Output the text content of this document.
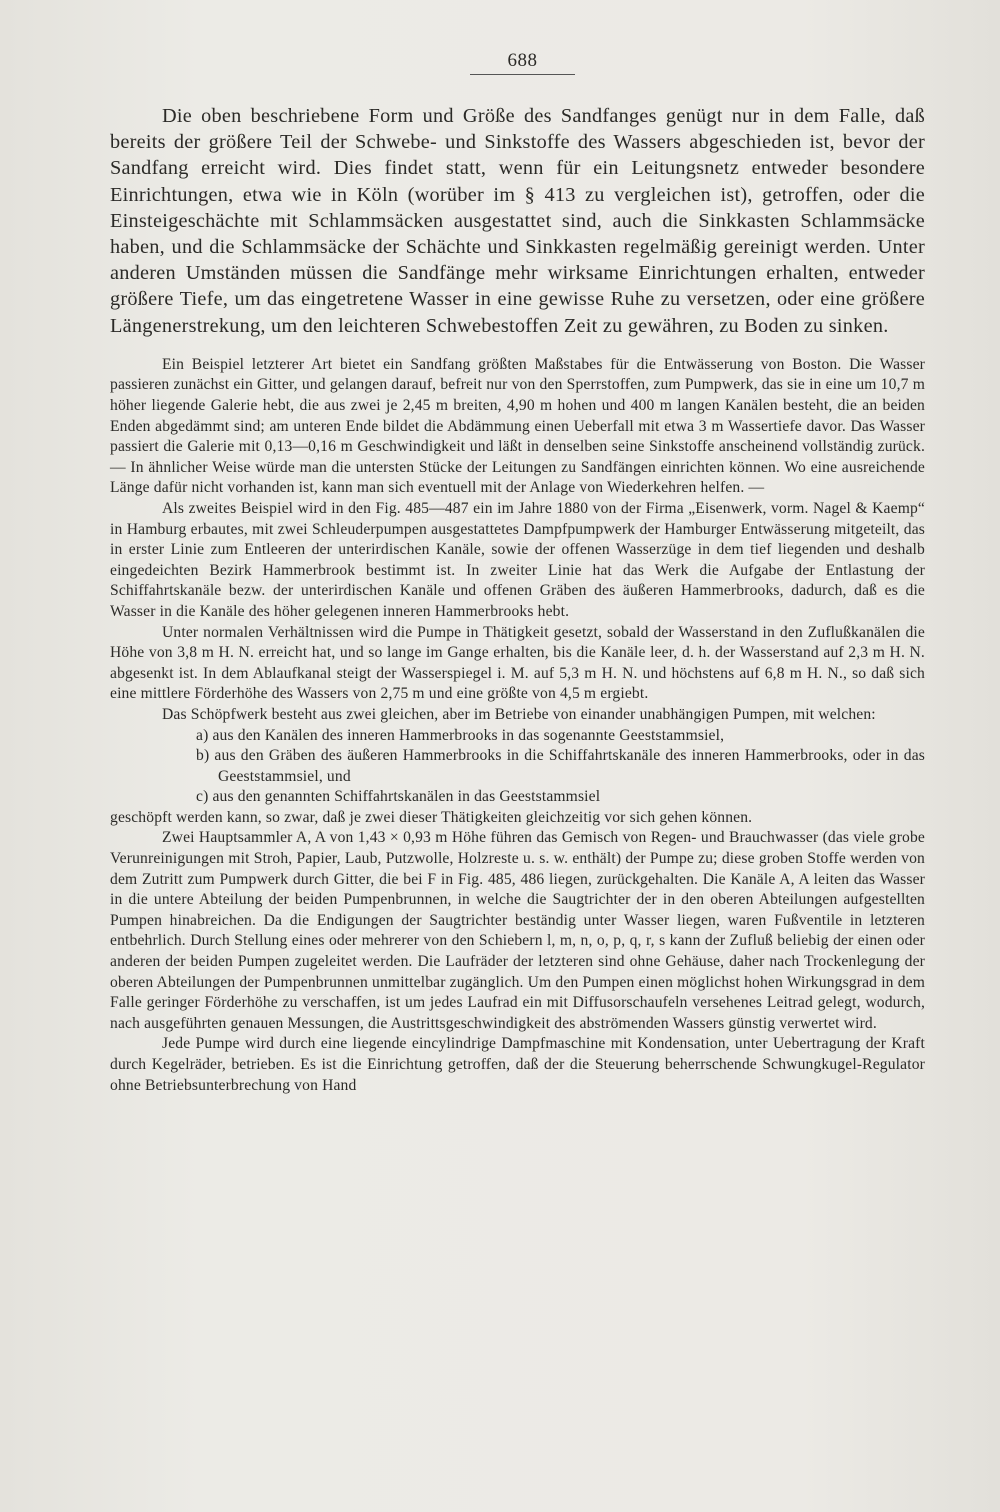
688

Die oben beschriebene Form und Größe des Sandfanges genügt nur in dem Falle, daß bereits der größere Teil der Schwebe- und Sinkstoffe des Wassers abgeschieden ist, bevor der Sandfang erreicht wird. Dies findet statt, wenn für ein Leitungsnetz entweder besondere Einrichtungen, etwa wie in Köln (worüber im § 413 zu vergleichen ist), getroffen, oder die Einsteigeschächte mit Schlammsäcken ausgestattet sind, auch die Sinkkasten Schlammsäcke haben, und die Schlammsäcke der Schächte und Sinkkasten regelmäßig gereinigt werden. Unter anderen Umständen müssen die Sandfänge mehr wirksame Einrichtungen erhalten, entweder größere Tiefe, um das eingetretene Wasser in eine gewisse Ruhe zu versetzen, oder eine größere Längenerstrekung, um den leichteren Schwebestoffen Zeit zu gewähren, zu Boden zu sinken.

Ein Beispiel letzterer Art bietet ein Sandfang größten Maßstabes für die Entwässerung von Boston. Die Wasser passieren zunächst ein Gitter, und gelangen darauf, befreit nur von den Sperrstoffen, zum Pumpwerk, das sie in eine um 10,7 m höher liegende Galerie hebt, die aus zwei je 2,45 m breiten, 4,90 m hohen und 400 m langen Kanälen besteht, die an beiden Enden abgedämmt sind; am unteren Ende bildet die Abdämmung einen Ueberfall mit etwa 3 m Wassertiefe davor. Das Wasser passiert die Galerie mit 0,13—0,16 m Geschwindigkeit und läßt in denselben seine Sinkstoffe anscheinend vollständig zurück. — In ähnlicher Weise würde man die untersten Stücke der Leitungen zu Sandfängen einrichten können. Wo eine ausreichende Länge dafür nicht vorhanden ist, kann man sich eventuell mit der Anlage von Wiederkehren helfen. —

Als zweites Beispiel wird in den Fig. 485—487 ein im Jahre 1880 von der Firma „Eisenwerk, vorm. Nagel & Kaemp“ in Hamburg erbautes, mit zwei Schleuderpumpen ausgestattetes Dampfpumpwerk der Hamburger Entwässerung mitgeteilt, das in erster Linie zum Entleeren der unterirdischen Kanäle, sowie der offenen Wasserzüge in dem tief liegenden und deshalb eingedeichten Bezirk Hammerbrook bestimmt ist. In zweiter Linie hat das Werk die Aufgabe der Entlastung der Schiffahrtskanäle bezw. der unterirdischen Kanäle und offenen Gräben des äußeren Hammerbrooks, dadurch, daß es die Wasser in die Kanäle des höher gelegenen inneren Hammerbrooks hebt.

Unter normalen Verhältnissen wird die Pumpe in Thätigkeit gesetzt, sobald der Wasserstand in den Zuflußkanälen die Höhe von 3,8 m H. N. erreicht hat, und so lange im Gange erhalten, bis die Kanäle leer, d. h. der Wasserstand auf 2,3 m H. N. abgesenkt ist. In dem Ablaufkanal steigt der Wasserspiegel i. M. auf 5,3 m H. N. und höchstens auf 6,8 m H. N., so daß sich eine mittlere Förderhöhe des Wassers von 2,75 m und eine größte von 4,5 m ergiebt.

Das Schöpfwerk besteht aus zwei gleichen, aber im Betriebe von einander unabhängigen Pumpen, mit welchen:

a) aus den Kanälen des inneren Hammerbrooks in das sogenannte Geeststammsiel,
b) aus den Gräben des äußeren Hammerbrooks in die Schiffahrtskanäle des inneren Hammerbrooks, oder in das Geeststammsiel, und
c) aus den genannten Schiffahrtskanälen in das Geeststammsiel

geschöpft werden kann, so zwar, daß je zwei dieser Thätigkeiten gleichzeitig vor sich gehen können.

Zwei Hauptsammler A, A von 1,43 × 0,93 m Höhe führen das Gemisch von Regen- und Brauchwasser (das viele grobe Verunreinigungen mit Stroh, Papier, Laub, Putzwolle, Holzreste u. s. w. enthält) der Pumpe zu; diese groben Stoffe werden von dem Zutritt zum Pumpwerk durch Gitter, die bei F in Fig. 485, 486 liegen, zurückgehalten. Die Kanäle A, A leiten das Wasser in die untere Abteilung der beiden Pumpenbrunnen, in welche die Saugtrichter der in den oberen Abteilungen aufgestellten Pumpen hinabreichen. Da die Endigungen der Saugtrichter beständig unter Wasser liegen, waren Fußventile in letzteren entbehrlich. Durch Stellung eines oder mehrerer von den Schiebern l, m, n, o, p, q, r, s kann der Zufluß beliebig der einen oder anderen der beiden Pumpen zugeleitet werden. Die Laufräder der letzteren sind ohne Gehäuse, daher nach Trockenlegung der oberen Abteilungen der Pumpenbrunnen unmittelbar zugänglich. Um den Pumpen einen möglichst hohen Wirkungsgrad in dem Falle geringer Förderhöhe zu verschaffen, ist um jedes Laufrad ein mit Diffusorschaufeln versehenes Leitrad gelegt, wodurch, nach ausgeführten genauen Messungen, die Austrittsgeschwindigkeit des abströmenden Wassers günstig verwertet wird.

Jede Pumpe wird durch eine liegende eincylindrige Dampfmaschine mit Kondensation, unter Uebertragung der Kraft durch Kegelräder, betrieben. Es ist die Einrichtung getroffen, daß der die Steuerung beherrschende Schwungkugel-Regulator ohne Betriebsunterbrechung von Hand
